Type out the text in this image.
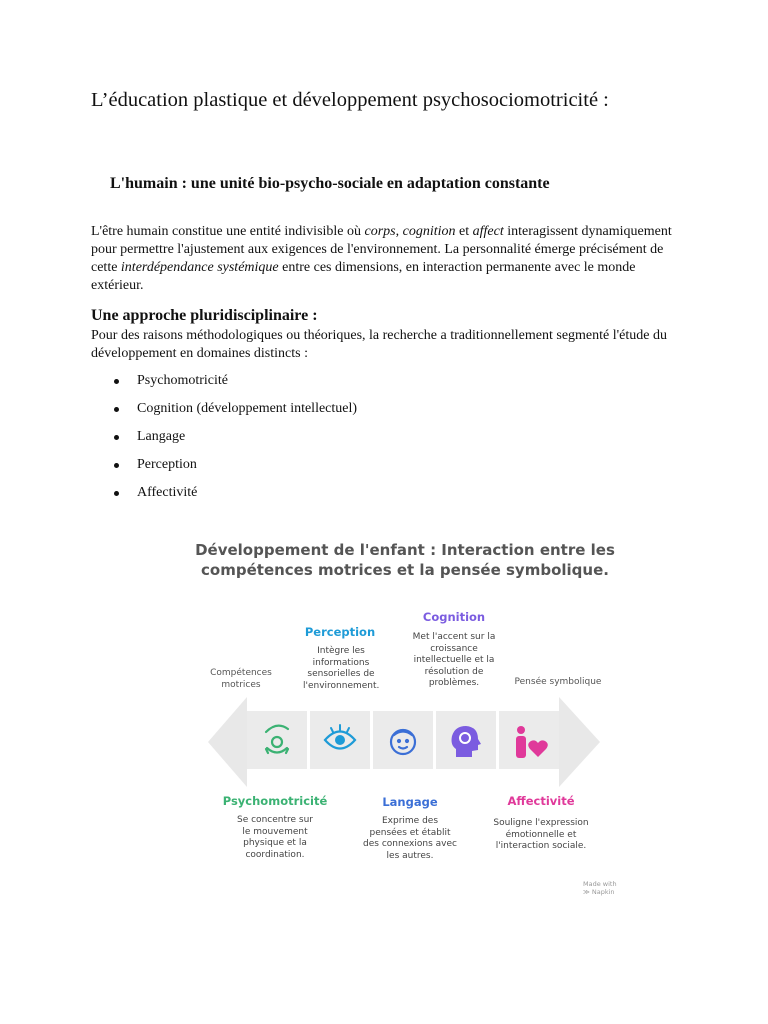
L’éducation plastique et développement psychosociomotricité :
L'humain : une unité bio-psycho-sociale en adaptation constante

L'être humain constitue une entité indivisible où corps, cognition et affect interagissent dynamiquement pour permettre l'ajustement aux exigences de l'environnement. La personnalité émerge précisément de cette interdépendance systémique entre ces dimensions, en interaction permanente avec le monde extérieur.

Une approche pluridisciplinaire :

Pour des raisons méthodologiques ou théoriques, la recherche a traditionnellement segmenté l'étude du développement en domaines distincts :

Psychomotricité
Cognition (développement intellectuel)
Langage
Perception
Affectivité

Développement de l'enfant : Interaction entre les
compétences motrices et la pensée symbolique.

Compétences motrices	Pensée symbolique
Perception
Intègre les informations sensorielles de l'environnement.
Cognition
Met l'accent sur la croissance intellectuelle et la résolution de problèmes.
Psychomotricité
Se concentre sur le mouvement physique et la coordination.
Langage
Exprime des pensées et établit des connexions avec les autres.
Affectivité
Souligne l'expression émotionnelle et l'interaction sociale.
Made with ≫ Napkin
